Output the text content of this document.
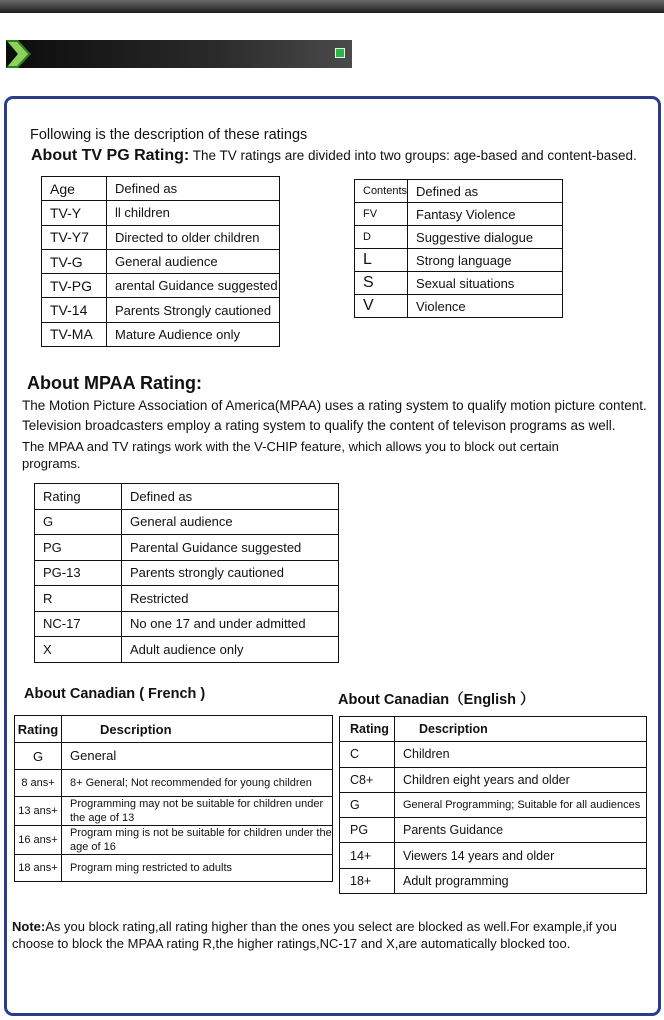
Following is the description of these ratings
About TV PG Rating: The TV ratings are divided into two groups: age-based and content-based.
Age	Defined as
TV-Y	ll children
TV-Y7	Directed to older children
TV-G	General audience
TV-PG	arental Guidance suggested
TV-14	Parents Strongly cautioned
TV-MA	Mature Audience only
Contents	Defined as
FV	Fantasy Violence
D	Suggestive dialogue
L	Strong language
S	Sexual situations
V	Violence
About MPAA Rating:
The Motion Picture Association of America(MPAA) uses a rating system to qualify motion picture content.
Television broadcasters employ a rating system to qualify the content of televison programs as well.
The MPAA and TV ratings work with the V-CHIP feature, which allows you to block out certain
programs.
Rating	Defined as
G	General audience
PG	Parental Guidance suggested
PG-13	Parents strongly cautioned
R	Restricted
NC-17	No one 17 and under admitted
X	Adult audience only
About Canadian ( French )	About Canadian（English ）
Rating	Description
G	General
8 ans+	8+ General; Not recommended for young children
13 ans+	Programming may not be suitable for children under the age of 13
16 ans+	Program ming is not be suitable for children under the age of 16
18 ans+	Program ming restricted to adults
Rating	Description
C	Children
C8+	Children eight years and older
G	General Programming; Suitable for all audiences
PG	Parents Guidance
14+	Viewers 14 years and older
18+	Adult programming
Note:As you block rating,all rating higher than the ones you select are blocked as well.For example,if you choose to block the MPAA rating R,the higher ratings,NC-17 and X,are automatically blocked too.
